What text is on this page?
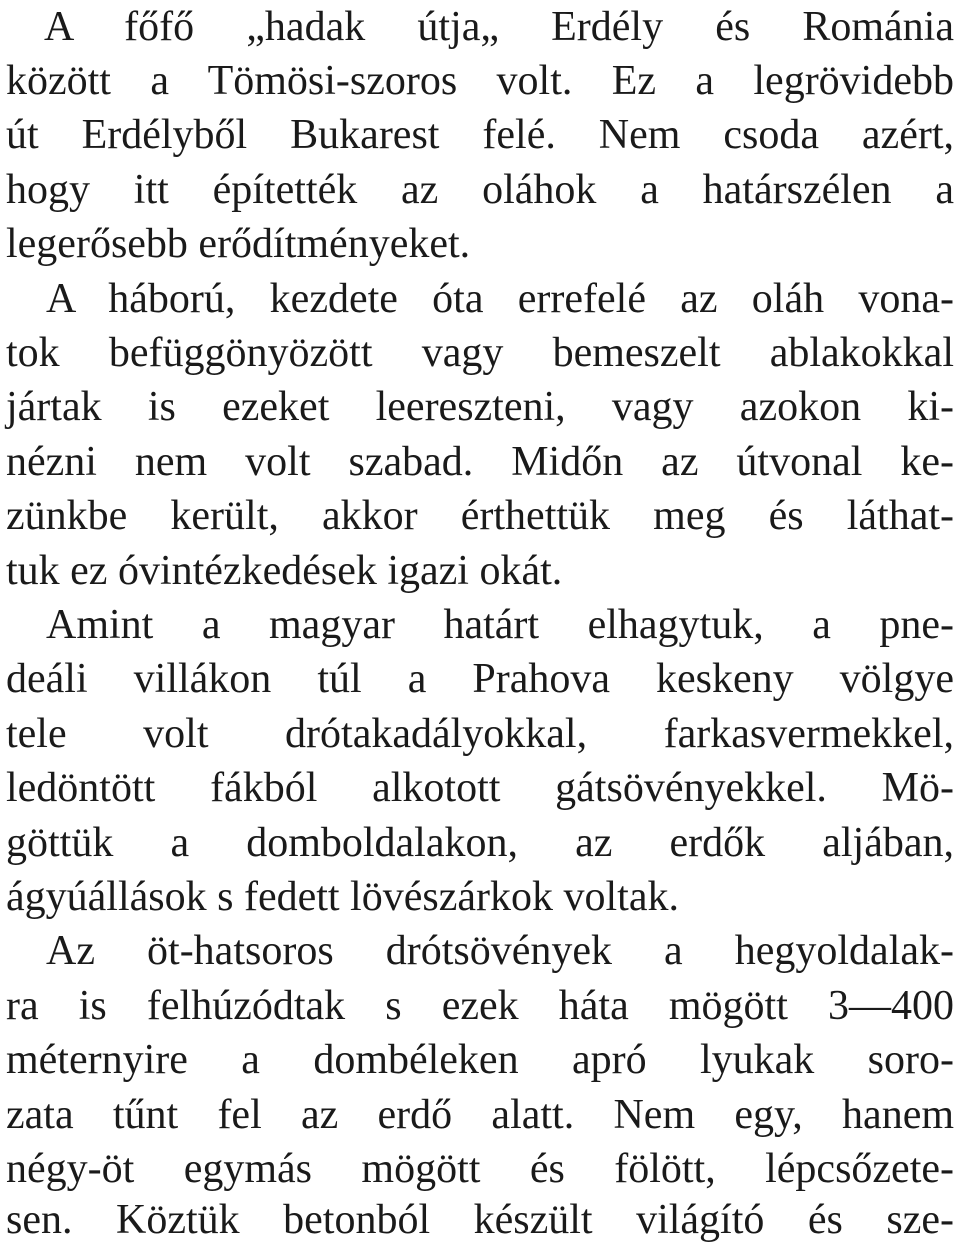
A főfő „hadak útja„ Erdély és Románia
között a Tömösi-szoros volt. Ez a legrövidebb
út Erdélyből Bukarest felé. Nem csoda azért,
hogy itt építették az oláhok a határszélen a
legerősebb erődítményeket.
A háború, kezdete óta errefelé az oláh vona-
tok befüggönyözött vagy bemeszelt ablakokkal
jártak is ezeket leereszteni, vagy azokon ki-
nézni nem volt szabad. Midőn az útvonal ke-
zünkbe került, akkor érthettük meg és láthat-
tuk ez óvintézkedések igazi okát.
Amint a magyar határt elhagytuk, a pne-
deáli villákon túl a Prahova keskeny völgye
tele volt drótakadályokkal, farkasvermekkel,
ledöntött fákból alkotott gátsövényekkel. Mö-
göttük a domboldalakon, az erdők aljában,
ágyúállások s fedett lövészárkok voltak.
Az öt-hatsoros drótsövények a hegyoldalak-
ra is felhúzódtak s ezek háta mögött 3—400
méternyire a dombéleken apró lyukak soro-
zata tűnt fel az erdő alatt. Nem egy, hanem
négy-öt egymás mögött és fölött, lépcsőzete-
sen. Köztük betonból készült világító és sze-
